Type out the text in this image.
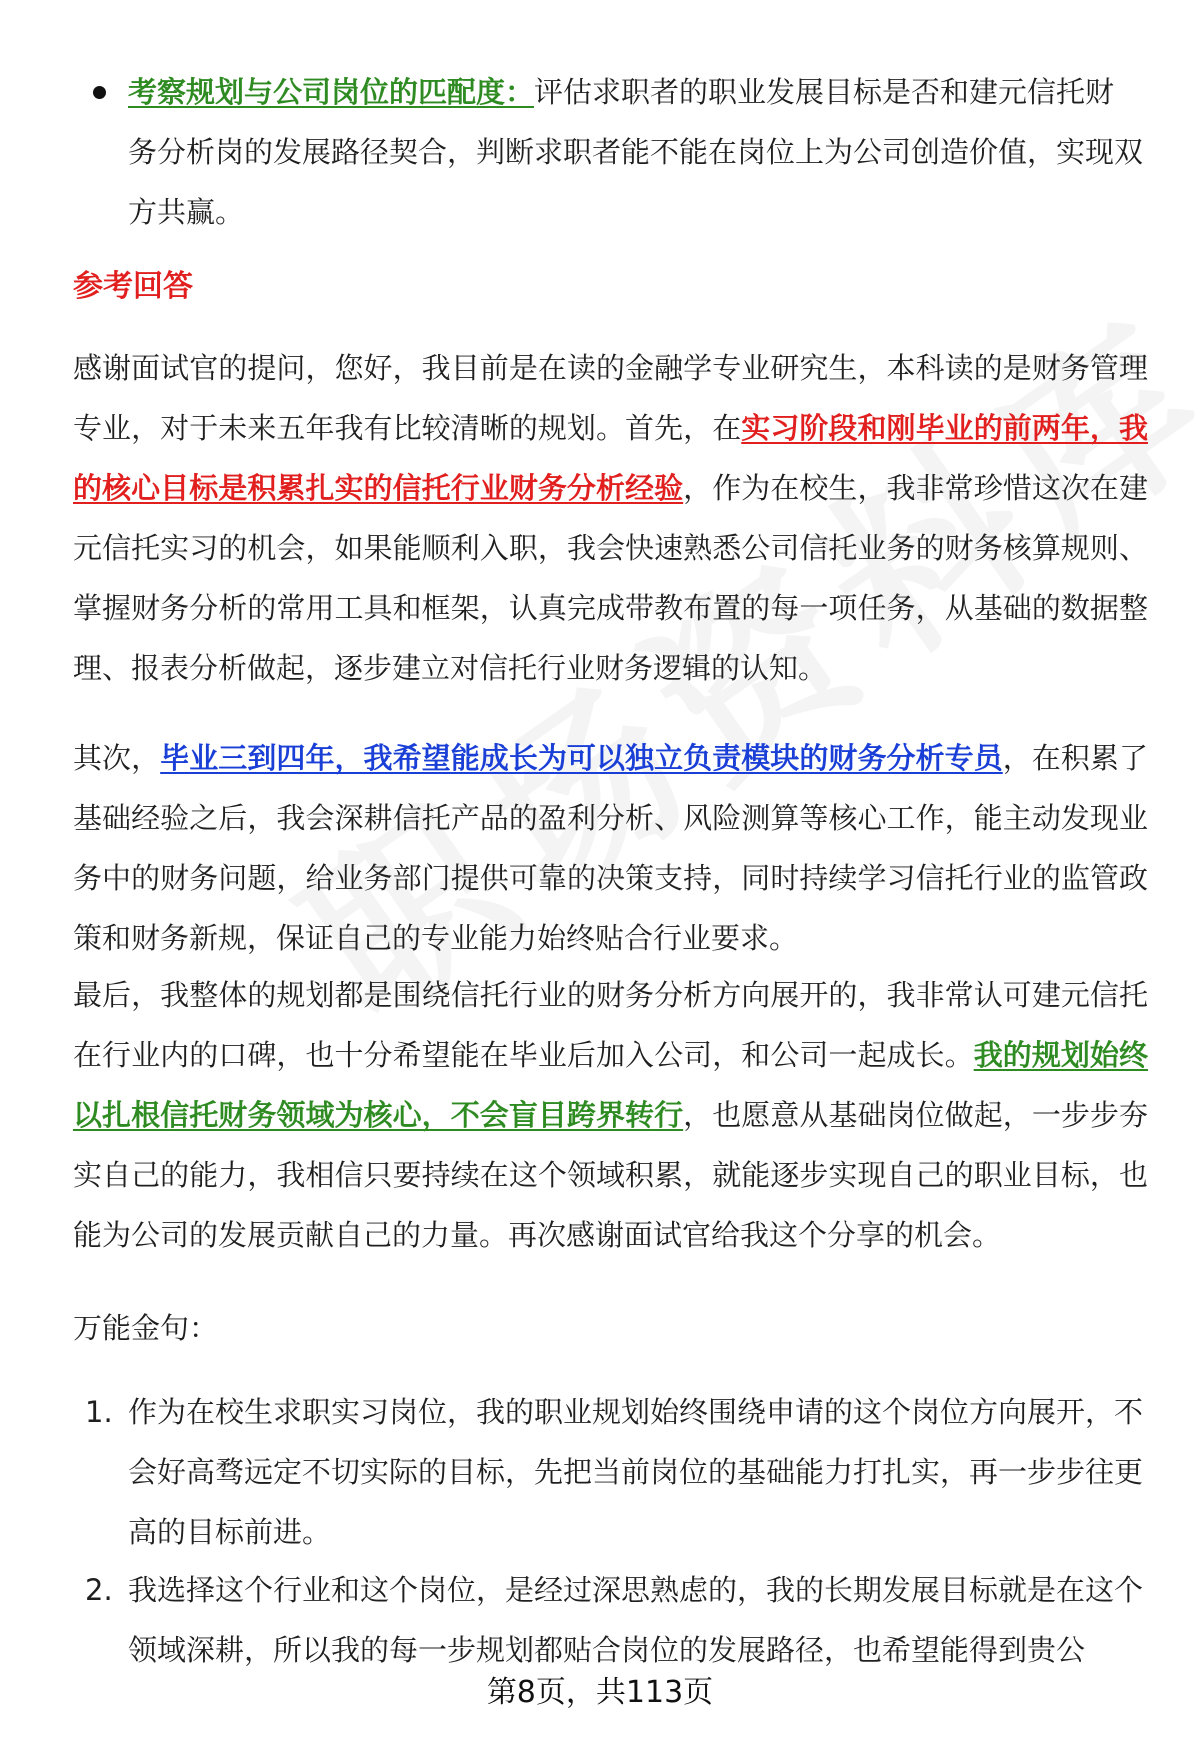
考察规划与公司岗位的匹配度：评估求职者的职业发展目标是否和建元信托财务分析岗的发展路径契合，判断求职者能不能在岗位上为公司创造价值，实现双方共赢。
参考回答
感谢面试官的提问，您好，我目前是在读的金融学专业研究生，本科读的是财务管理专业，对于未来五年我有比较清晰的规划。首先，在实习阶段和刚毕业的前两年，我的核心目标是积累扎实的信托行业财务分析经验，作为在校生，我非常珍惜这次在建元信托实习的机会，如果能顺利入职，我会快速熟悉公司信托业务的财务核算规则、掌握财务分析的常用工具和框架，认真完成带教布置的每一项任务，从基础的数据整理、报表分析做起，逐步建立对信托行业财务逻辑的认知。
其次，毕业三到四年，我希望能成长为可以独立负责模块的财务分析专员，在积累了基础经验之后，我会深耕信托产品的盈利分析、风险测算等核心工作，能主动发现业务中的财务问题，给业务部门提供可靠的决策支持，同时持续学习信托行业的监管政策和财务新规，保证自己的专业能力始终贴合行业要求。
最后，我整体的规划都是围绕信托行业的财务分析方向展开的，我非常认可建元信托在行业内的口碑，也十分希望能在毕业后加入公司，和公司一起成长。我的规划始终以扎根信托财务领域为核心，不会盲目跨界转行，也愿意从基础岗位做起，一步步夯实自己的能力，我相信只要持续在这个领域积累，就能逐步实现自己的职业目标，也能为公司的发展贡献自己的力量。再次感谢面试官给我这个分享的机会。
万能金句：
1. 作为在校生求职实习岗位，我的职业规划始终围绕申请的这个岗位方向展开，不会好高骛远定不切实际的目标，先把当前岗位的基础能力打扎实，再一步步往更高的目标前进。
2. 我选择这个行业和这个岗位，是经过深思熟虑的，我的长期发展目标就是在这个领域深耕，所以我的每一步规划都贴合岗位的发展路径，也希望能得到贵公
第8页，共113页
